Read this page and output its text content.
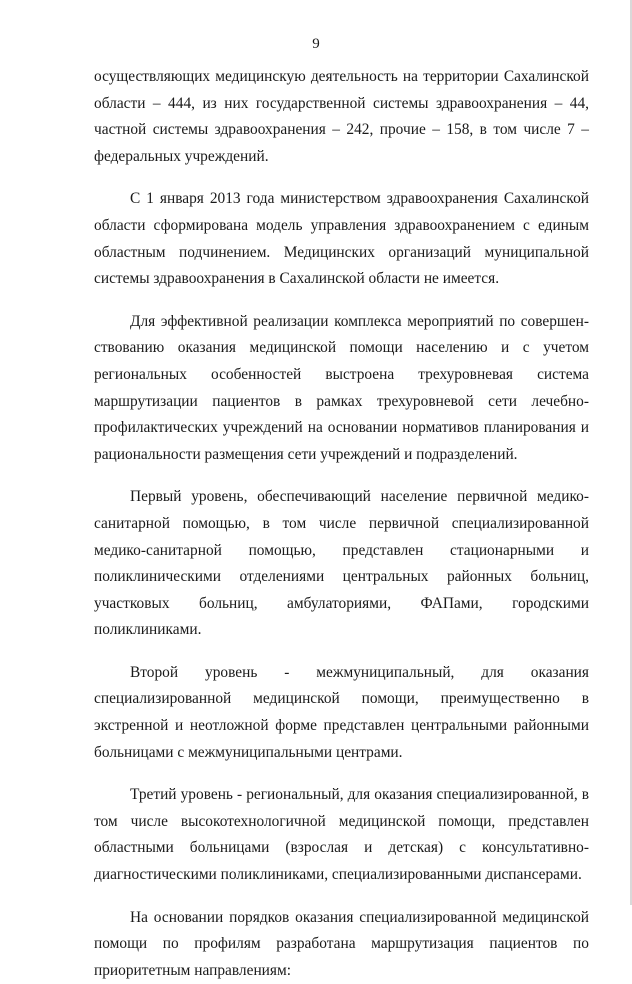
9

осуществляющих медицинскую деятельность на территории Сахалинской области – 444, из них государственной системы здравоохранения – 44, частной системы здравоохранения – 242, прочие – 158, в том числе 7 – федеральных учреждений.

С 1 января 2013 года министерством здравоохранения Сахалинской области сформирована модель управления здравоохранением с единым областным подчинением. Медицинских организаций муниципальной системы здравоохранения в Сахалинской области не имеется.

Для эффективной реализации комплекса мероприятий по совершенствованию оказания медицинской помощи населению и с учетом региональных особенностей выстроена трехуровневая система маршрутизации пациентов в рамках трехуровневой сети лечебно-профилактических учреждений на основании нормативов планирования и рациональности размещения сети учреждений и подразделений.

Первый уровень, обеспечивающий население первичной медико-санитарной помощью, в том числе первичной специализированной медико-санитарной помощью, представлен стационарными и поликлиническими отделениями центральных районных больниц, участковых больниц, амбулаториями, ФАПами, городскими поликлиниками.

Второй уровень - межмуниципальный, для оказания специализированной медицинской помощи, преимущественно в экстренной и неотложной форме представлен центральными районными больницами с межмуниципальными центрами.

Третий уровень - региональный, для оказания специализированной, в том числе высокотехнологичной медицинской помощи, представлен областными больницами (взрослая и детская) с консультативно-диагностическими поликлиниками, специализированными диспансерами.

На основании порядков оказания специализированной медицинской помощи по профилям разработана маршрутизация пациентов по приоритетным направлениям:
